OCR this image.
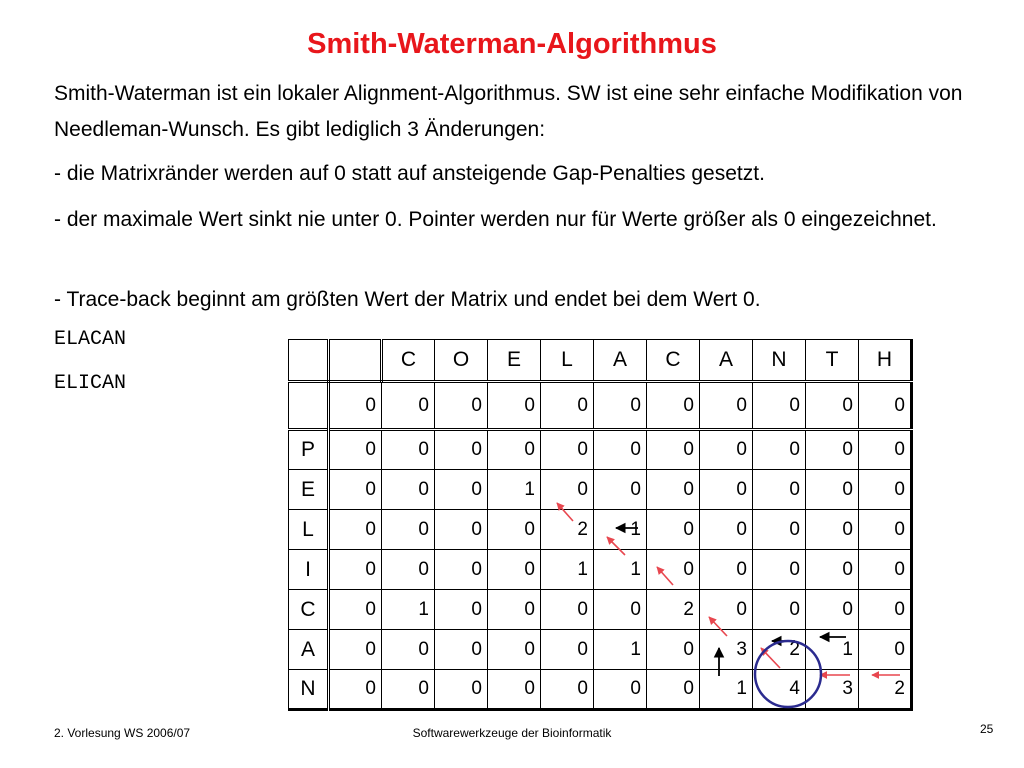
Smith-Waterman-Algorithmus

Smith-Waterman ist ein lokaler Alignment-Algorithmus. SW ist eine sehr einfache Modifikation von Needleman-Wunsch. Es gibt lediglich 3 Änderungen:

- die Matrixränder werden auf 0 statt auf ansteigende Gap-Penalties gesetzt.

- der maximale Wert sinkt nie unter 0. Pointer werden nur für Werte größer als 0 eingezeichnet.

- Trace-back beginnt am größten Wert der Matrix und endet bei dem Wert 0.

ELACAN
ELICAN
		C	O	E	L	A	C	A	N	T	H
	0	0	0	0	0	0	0	0	0	0	0
P	0	0	0	0	0	0	0	0	0	0	0
E	0	0	0	1	0	0	0	0	0	0	0
L	0	0	0	0	2	1	0	0	0	0	0
I	0	0	0	0	1	1	0	0	0	0	0
C	0	1	0	0	0	0	2	0	0	0	0
A	0	0	0	0	0	1	0	3	2	1	0
N	0	0	0	0	0	0	0	1	4	3	2
2. Vorlesung WS 2006/07	Softwarewerkzeuge der Bioinformatik	25
